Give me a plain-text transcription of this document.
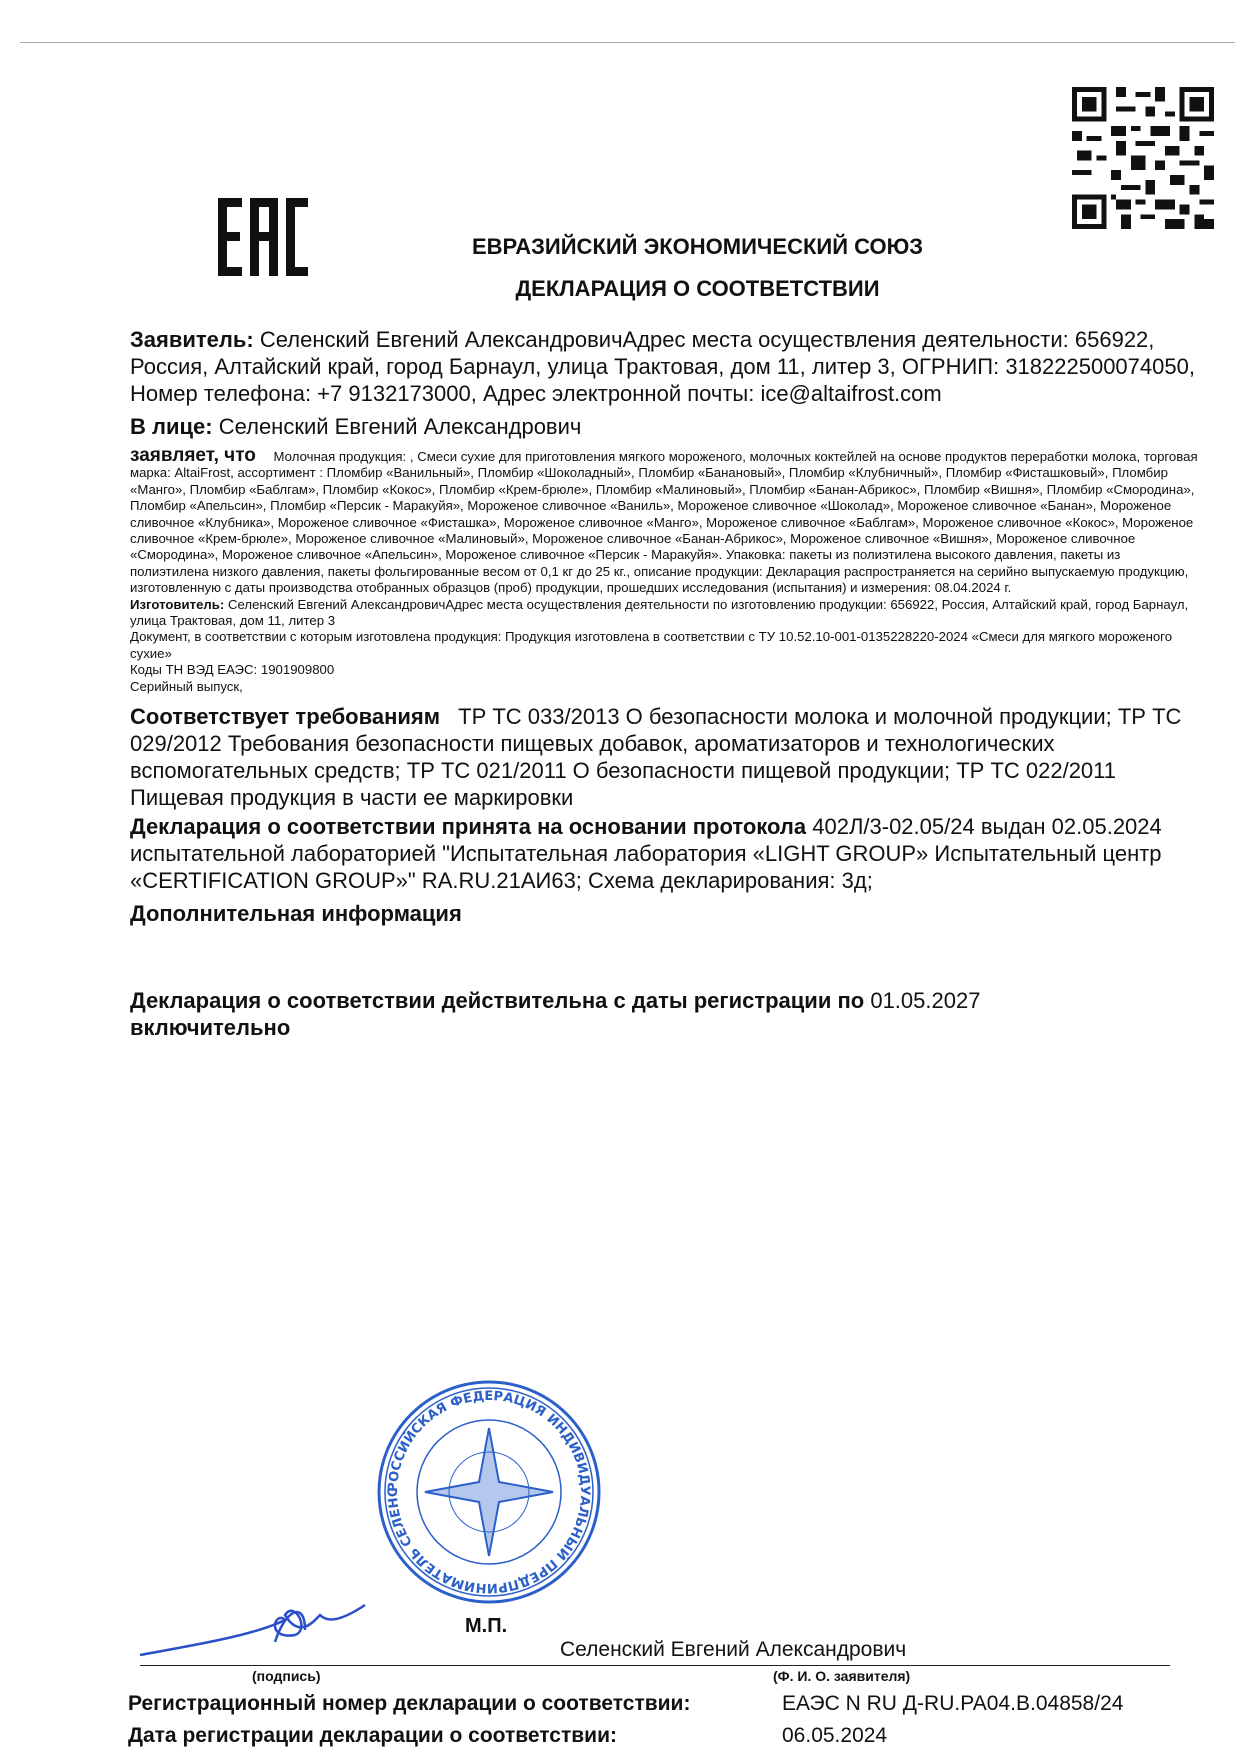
ЕВРАЗИЙСКИЙ ЭКОНОМИЧЕСКИЙ СОЮЗ
ДЕКЛАРАЦИЯ О СООТВЕТСТВИИ
Заявитель: Селенский Евгений АлександровичАдрес места осуществления деятельности: 656922, Россия, Алтайский край, город Барнаул, улица Трактовая, дом 11, литер 3, ОГРНИП: 318222500074050, Номер телефона: +7 9132173000, Адрес электронной почты: ice@altaifrost.com
В лице: Селенский Евгений Александрович
заявляет, что Молочная продукция: , Смеси сухие для приготовления мягкого мороженого, молочных коктейлей на основе продуктов переработки молока, торговая марка: AltaiFrost, ассортимент : Пломбир «Ванильный», Пломбир «Шоколадный», Пломбир «Банановый», Пломбир «Клубничный», Пломбир «Фисташковый», Пломбир «Манго», Пломбир «Баблгам», Пломбир «Кокос», Пломбир «Крем-брюле», Пломбир «Малиновый», Пломбир «Банан-Абрикос», Пломбир «Вишня», Пломбир «Смородина», Пломбир «Апельсин», Пломбир «Персик - Маракуйя», Мороженое сливочное «Ваниль», Мороженое сливочное «Шоколад», Мороженое сливочное «Банан», Мороженое сливочное «Клубника», Мороженое сливочное «Фисташка», Мороженое сливочное «Манго», Мороженое сливочное «Баблгам», Мороженое сливочное «Кокос», Мороженое сливочное «Крем-брюле», Мороженое сливочное «Малиновый», Мороженое сливочное «Банан-Абрикос», Мороженое сливочное «Вишня», Мороженое сливочное «Смородина», Мороженое сливочное «Апельсин», Мороженое сливочное «Персик - Маракуйя». Упаковка: пакеты из полиэтилена высокого давления, пакеты из полиэтилена низкого давления, пакеты фольгированные весом от 0,1 кг до 25 кг., описание продукции: Декларация распространяется на серийно выпускаемую продукцию, изготовленную с даты производства отобранных образцов (проб) продукции, прошедших исследования (испытания) и измерения: 08.04.2024 г.
Изготовитель: Селенский Евгений АлександровичАдрес места осуществления деятельности по изготовлению продукции: 656922, Россия, Алтайский край, город Барнаул, улица Трактовая, дом 11, литер 3
Документ, в соответствии с которым изготовлена продукция: Продукция изготовлена в соответствии с ТУ 10.52.10-001-0135228220-2024 «Смеси для мягкого мороженого сухие»
Коды ТН ВЭД ЕАЭС: 1901909800
Серийный выпуск,
Соответствует требованиям ТР ТС 033/2013 О безопасности молока и молочной продукции; ТР ТС 029/2012 Требования безопасности пищевых добавок, ароматизаторов и технологических вспомогательных средств; ТР ТС 021/2011 О безопасности пищевой продукции; ТР ТС 022/2011 Пищевая продукция в части ее маркировки
Декларация о соответствии принята на основании протокола 402Л/3-02.05/24 выдан 02.05.2024 испытательной лабораторией "Испытательная лаборатория «LIGHT GROUP» Испытательный центр «CERTIFICATION GROUP»" RA.RU.21АИ63; Схема декларирования: 3д;
Дополнительная информация
Декларация о соответствии действительна с даты регистрации по 01.05.2027
включительно
РОССИЙСКАЯ ФЕДЕРАЦИЯ ИНДИВИДУАЛЬНЫЙ ПРЕДПРИНИМАТЕЛЬ СЕЛЕНС
М.П.
Селенский Евгений Александрович
(подпись)	(Ф. И. О. заявителя)
Регистрационный номер декларации о соответствии:	ЕАЭС N RU Д-RU.РА04.В.04858/24
Дата регистрации декларации о соответствии:	06.05.2024
